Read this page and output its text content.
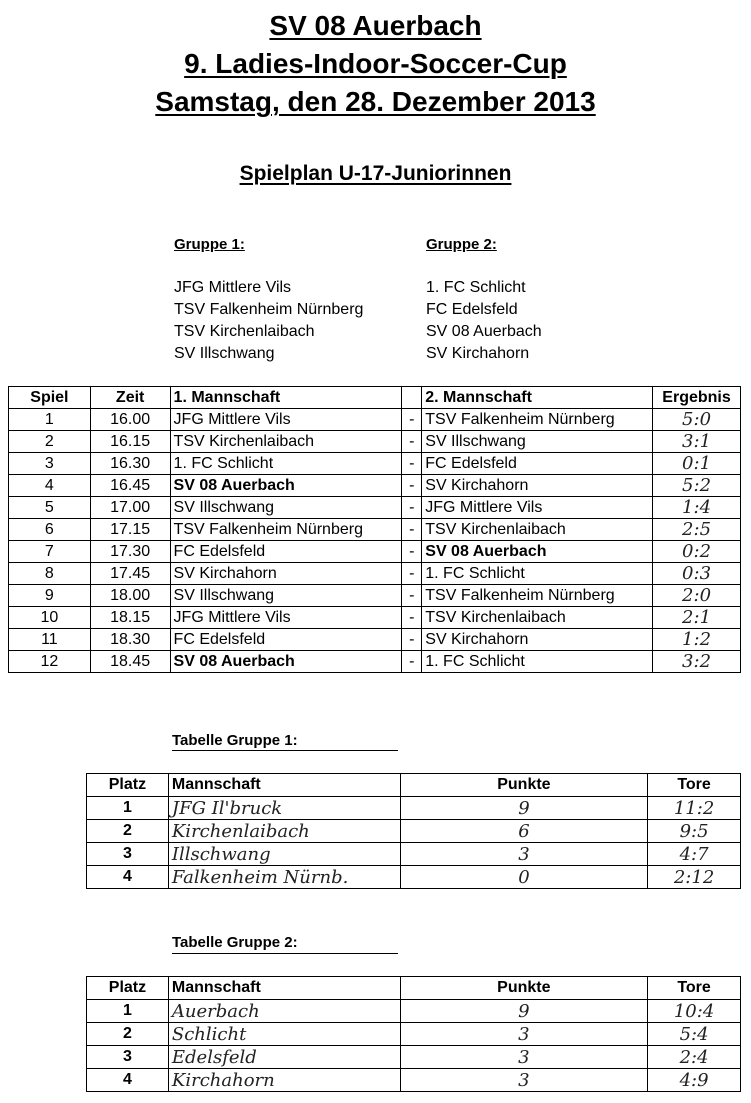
SV 08 Auerbach
9. Ladies-Indoor-Soccer-Cup
Samstag, den 28. Dezember 2013
Spielplan U-17-Juniorinnen
Gruppe 1:
JFG Mittlere Vils
TSV Falkenheim Nürnberg
TSV Kirchenlaibach
SV Illschwang
Gruppe 2:
1. FC Schlicht
FC Edelsfeld
SV 08 Auerbach
SV Kirchahorn
Spiel	Zeit	1. Mannschaft		2. Mannschaft	Ergebnis
1	16.00	JFG Mittlere Vils	-	TSV Falkenheim Nürnberg	5:0
2	16.15	TSV Kirchenlaibach	-	SV Illschwang	3:1
3	16.30	1. FC Schlicht	-	FC Edelsfeld	0:1
4	16.45	SV 08 Auerbach	-	SV Kirchahorn	5:2
5	17.00	SV Illschwang	-	JFG Mittlere Vils	1:4
6	17.15	TSV Falkenheim Nürnberg	-	TSV Kirchenlaibach	2:5
7	17.30	FC Edelsfeld	-	SV 08 Auerbach	0:2
8	17.45	SV Kirchahorn	-	1. FC Schlicht	0:3
9	18.00	SV Illschwang	-	TSV Falkenheim Nürnberg	2:0
10	18.15	JFG Mittlere Vils	-	TSV Kirchenlaibach	2:1
11	18.30	FC Edelsfeld	-	SV Kirchahorn	1:2
12	18.45	SV 08 Auerbach	-	1. FC Schlicht	3:2
Tabelle Gruppe 1:
Platz	Mannschaft	Punkte	Tore
1	JFG Il'bruck	9	11:2
2	Kirchenlaibach	6	9:5
3	Illschwang	3	4:7
4	Falkenheim Nürnb.	0	2:12
Tabelle Gruppe 2:
Platz	Mannschaft	Punkte	Tore
1	Auerbach	9	10:4
2	Schlicht	3	5:4
3	Edelsfeld	3	2:4
4	Kirchahorn	3	4:9
